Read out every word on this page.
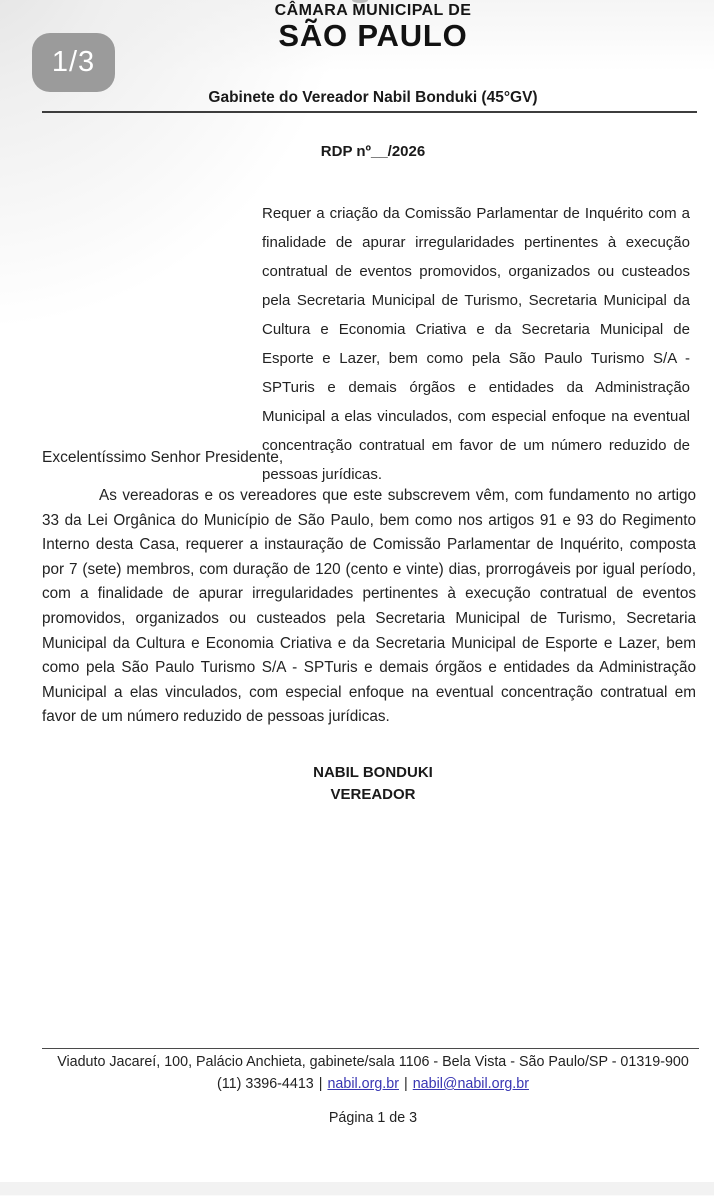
1/3
CÂMARA MUNICIPAL DE
SÃO PAULO
Gabinete do Vereador Nabil Bonduki (45°GV)
RDP nº__/2026
Requer a criação da Comissão Parlamentar de Inquérito com a finalidade de apurar irregularidades pertinentes à execução contratual de eventos promovidos, organizados ou custeados pela Secretaria Municipal de Turismo, Secretaria Municipal da Cultura e Economia Criativa e da Secretaria Municipal de Esporte e Lazer, bem como pela São Paulo Turismo S/A - SPTuris e demais órgãos e entidades da Administração Municipal a elas vinculados, com especial enfoque na eventual concentração contratual em favor de um número reduzido de pessoas jurídicas.
Excelentíssimo Senhor Presidente,
As vereadoras e os vereadores que este subscrevem vêm, com fundamento no artigo 33 da Lei Orgânica do Município de São Paulo, bem como nos artigos 91 e 93 do Regimento Interno desta Casa, requerer a instauração de Comissão Parlamentar de Inquérito, composta por 7 (sete) membros, com duração de 120 (cento e vinte) dias, prorrogáveis por igual período, com a finalidade de apurar irregularidades pertinentes à execução contratual de eventos promovidos, organizados ou custeados pela Secretaria Municipal de Turismo, Secretaria Municipal da Cultura e Economia Criativa e da Secretaria Municipal de Esporte e Lazer, bem como pela São Paulo Turismo S/A - SPTuris e demais órgãos e entidades da Administração Municipal a elas vinculados, com especial enfoque na eventual concentração contratual em favor de um número reduzido de pessoas jurídicas.
NABIL BONDUKI
VEREADOR
Viaduto Jacareí, 100, Palácio Anchieta, gabinete/sala 1106 - Bela Vista - São Paulo/SP - 01319-900
(11) 3396-4413 | nabil.org.br | nabil@nabil.org.br
Página 1 de 3
